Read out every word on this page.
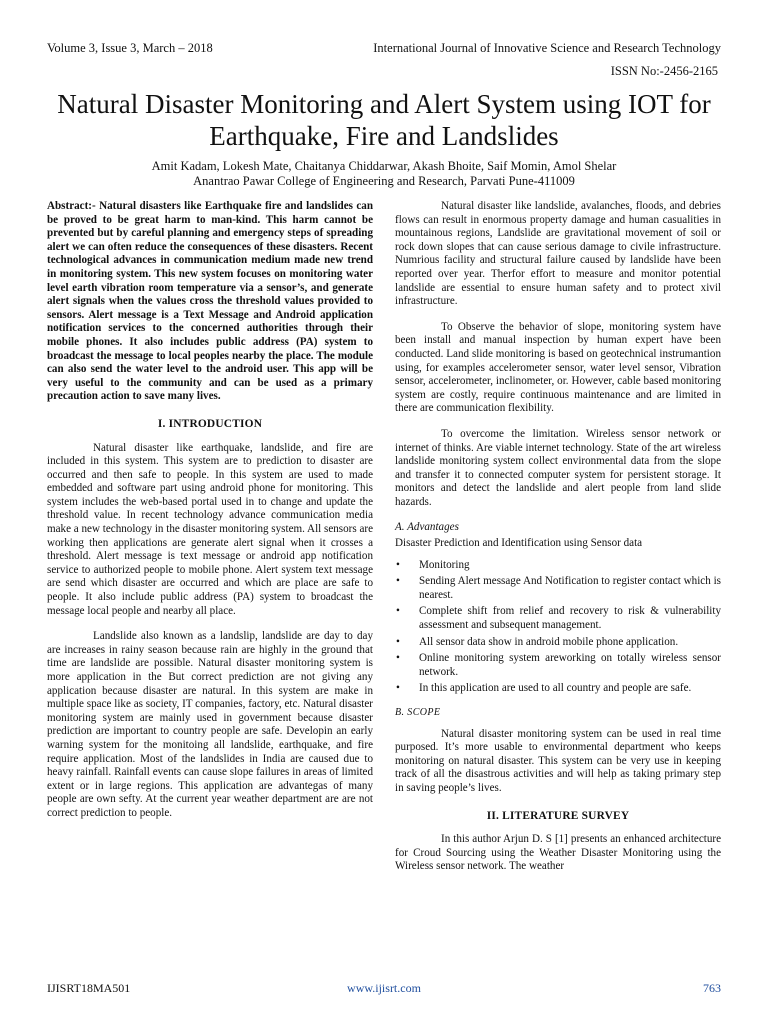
Volume 3, Issue 3, March – 2018	International Journal of Innovative Science and Research Technology
ISSN No:-2456-2165
Natural Disaster Monitoring and Alert System using IOT for Earthquake, Fire and Landslides
Amit Kadam, Lokesh Mate, Chaitanya Chiddarwar, Akash Bhoite, Saif Momin, Amol Shelar
Anantrao Pawar College of Engineering and Research, Parvati Pune-411009

Abstract:- Natural disasters like Earthquake fire and landslides can be proved to be great harm to man-kind. This harm cannot be prevented but by careful planning and emergency steps of spreading alert we can often reduce the consequences of these disasters. Recent technological advances in communication medium made new trend in monitoring system. This new system focuses on monitoring water level earth vibration room temperature via a sensor’s, and generate alert signals when the values cross the threshold values provided to sensors. Alert message is a Text Message and Android application notification services to the concerned authorities through their mobile phones. It also includes public address (PA) system to broadcast the message to local peoples nearby the place. The module can also send the water level to the android user. This app will be very useful to the community and can be used as a primary precaution action to save many lives.

I. INTRODUCTION

Natural disaster like earthquake, landslide, and fire are included in this system. This system are to prediction to disaster are occurred and then safe to people. In this system are used to made embedded and software part using android phone for monitoring. This system includes the web-based portal used in to change and update the threshold value. In recent technology advance communication media make a new technology in the disaster monitoring system. All sensors are working then applications are generate alert signal when it crosses a threshold. Alert message is text message or android app notification service to authorized people to mobile phone. Alert system text message are send which disaster are occurred and which are place are safe to people. It also include public address (PA) system to broadcast the message local people and nearby all place.

Landslide also known as a landslip, landslide are day to day are increases in rainy season because rain are highly in the ground that time are landslide are possible. Natural disaster monitoring system is more application in the But correct prediction are not giving any application because disaster are natural. In this system are make in multiple space like as society, IT companies, factory, etc. Natural disaster monitoring system are mainly used in government because disaster prediction are important to country people are safe. Developin an early warning system for the monitoing all landslide, earthquake, and fire require application. Most of the landslides in India are caused due to heavy rainfall. Rainfall events can cause slope failures in areas of limited extent or in large regions. This application are advantegas of many people are own sefty. At the current year weather department are are not correct prediction to people.

Natural disaster like landslide, avalanches, floods, and debries flows can result in enormous property damage and human casualities in mountainous regions, Landslide are gravitational movement of soil or rock down slopes that can cause serious damage to civile infrastructure. Numrious facility and structural failure caused by landslide have been reported over year. Therfor effort to measure and monitor potential landslide are essential to ensure human safety and to protect xivil infrastructure.

To Observe the behavior of slope, monitoring system have been install and manual inspection by human expert have been conducted. Land slide monitoring is based on geotechnical instrumantion using, for examples accelerometer sensor, water level sensor, Vibration sensor, accelerometer, inclinometer, or. However, cable based monitoring system are costly, require continuous maintenance and are limited in there are communication flexibility.

To overcome the limitation. Wireless sensor network or internet of thinks. Are viable internet technology. State of the art wireless landslide monitoring system collect environmental data from the slope and transfer it to connected computer system for persistent storage. It monitors and detect the landslide and alert people from land slide hazards.

A. Advantages
Disaster Prediction and Identification using Sensor data
• Monitoring
• Sending Alert message And Notification to register contact which is nearest.
• Complete shift from relief and recovery to risk & vulnerability assessment and subsequent management.
• All sensor data show in android mobile phone application.
• Online monitoring system areworking on totally wireless sensor network.
• In this application are used to all country and people are safe.
B. SCOPE

Natural disaster monitoring system can be used in real time purposed. It’s more usable to environmental department who keeps monitoring on natural disaster. This system can be very use in keeping track of all the disastrous activities and will help as taking primary step in saving people’s lives.

II. LITERATURE SURVEY

In this author Arjun D. S [1] presents an enhanced architecture for Croud Sourcing using the Weather Disaster Monitoring using the Wireless sensor network. The weather

IJISRT18MA501	www.ijisrt.com	763
